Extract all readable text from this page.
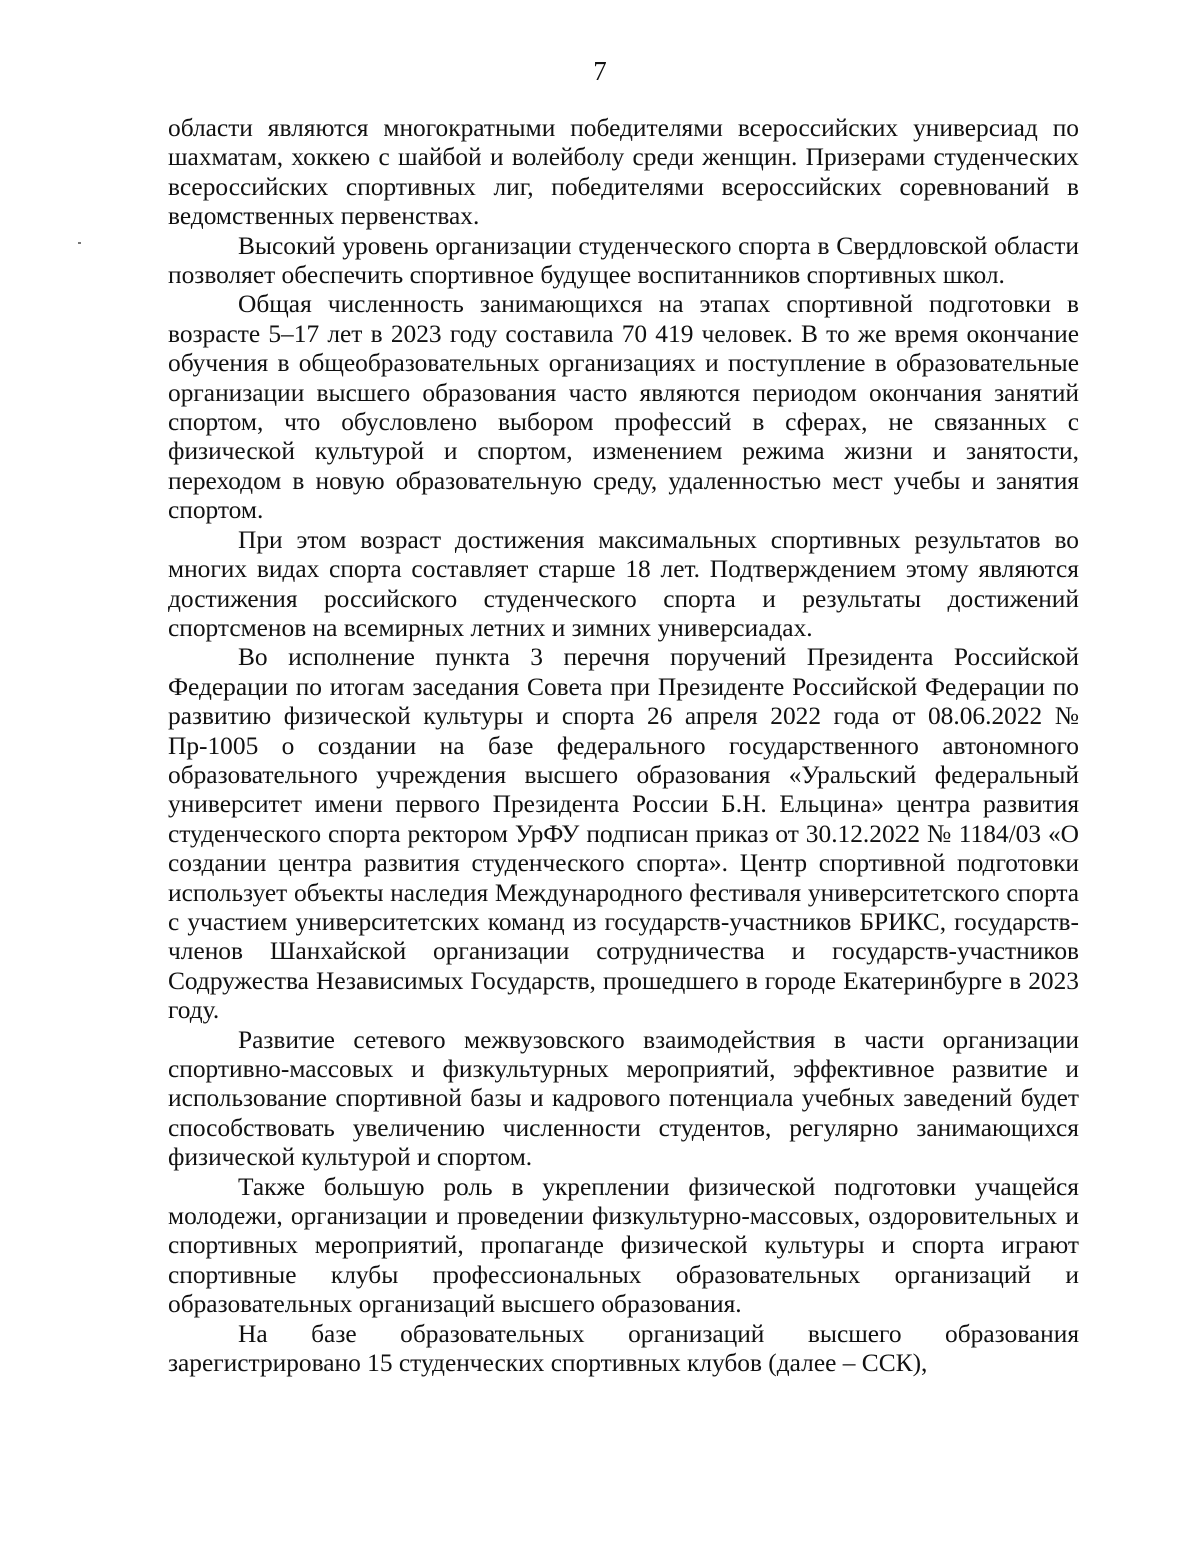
7

области являются многократными победителями всероссийских универсиад по шахматам, хоккею с шайбой и волейболу среди женщин. Призерами студенческих всероссийских спортивных лиг, победителями всероссийских соревнований в ведомственных первенствах.

Высокий уровень организации студенческого спорта в Свердловской области позволяет обеспечить спортивное будущее воспитанников спортивных школ.

Общая численность занимающихся на этапах спортивной подготовки в возрасте 5–17 лет в 2023 году составила 70 419 человек. В то же время окончание обучения в общеобразовательных организациях и поступление в образовательные организации высшего образования часто являются периодом окончания занятий спортом, что обусловлено выбором профессий в сферах, не связанных с физической культурой и спортом, изменением режима жизни и занятости, переходом в новую образовательную среду, удаленностью мест учебы и занятия спортом.

При этом возраст достижения максимальных спортивных результатов во многих видах спорта составляет старше 18 лет. Подтверждением этому являются достижения российского студенческого спорта и результаты достижений спортсменов на всемирных летних и зимних универсиадах.

Во исполнение пункта 3 перечня поручений Президента Российской Федерации по итогам заседания Совета при Президенте Российской Федерации по развитию физической культуры и спорта 26 апреля 2022 года от 08.06.2022 № Пр-1005 о создании на базе федерального государственного автономного образовательного учреждения высшего образования «Уральский федеральный университет имени первого Президента России Б.Н. Ельцина» центра развития студенческого спорта ректором УрФУ подписан приказ от 30.12.2022 № 1184/03 «О создании центра развития студенческого спорта». Центр спортивной подготовки использует объекты наследия Международного фестиваля университетского спорта с участием университетских команд из государств-участников БРИКС, государств-членов Шанхайской организации сотрудничества и государств-участников Содружества Независимых Государств, прошедшего в городе Екатеринбурге в 2023 году.

Развитие сетевого межвузовского взаимодействия в части организации спортивно-массовых и физкультурных мероприятий, эффективное развитие и использование спортивной базы и кадрового потенциала учебных заведений будет способствовать увеличению численности студентов, регулярно занимающихся физической культурой и спортом.

Также большую роль в укреплении физической подготовки учащейся молодежи, организации и проведении физкультурно-массовых, оздоровительных и спортивных мероприятий, пропаганде физической культуры и спорта играют спортивные клубы профессиональных образовательных организаций и образовательных организаций высшего образования.

На базе образовательных организаций высшего образования зарегистрировано 15 студенческих спортивных клубов (далее – ССК),
